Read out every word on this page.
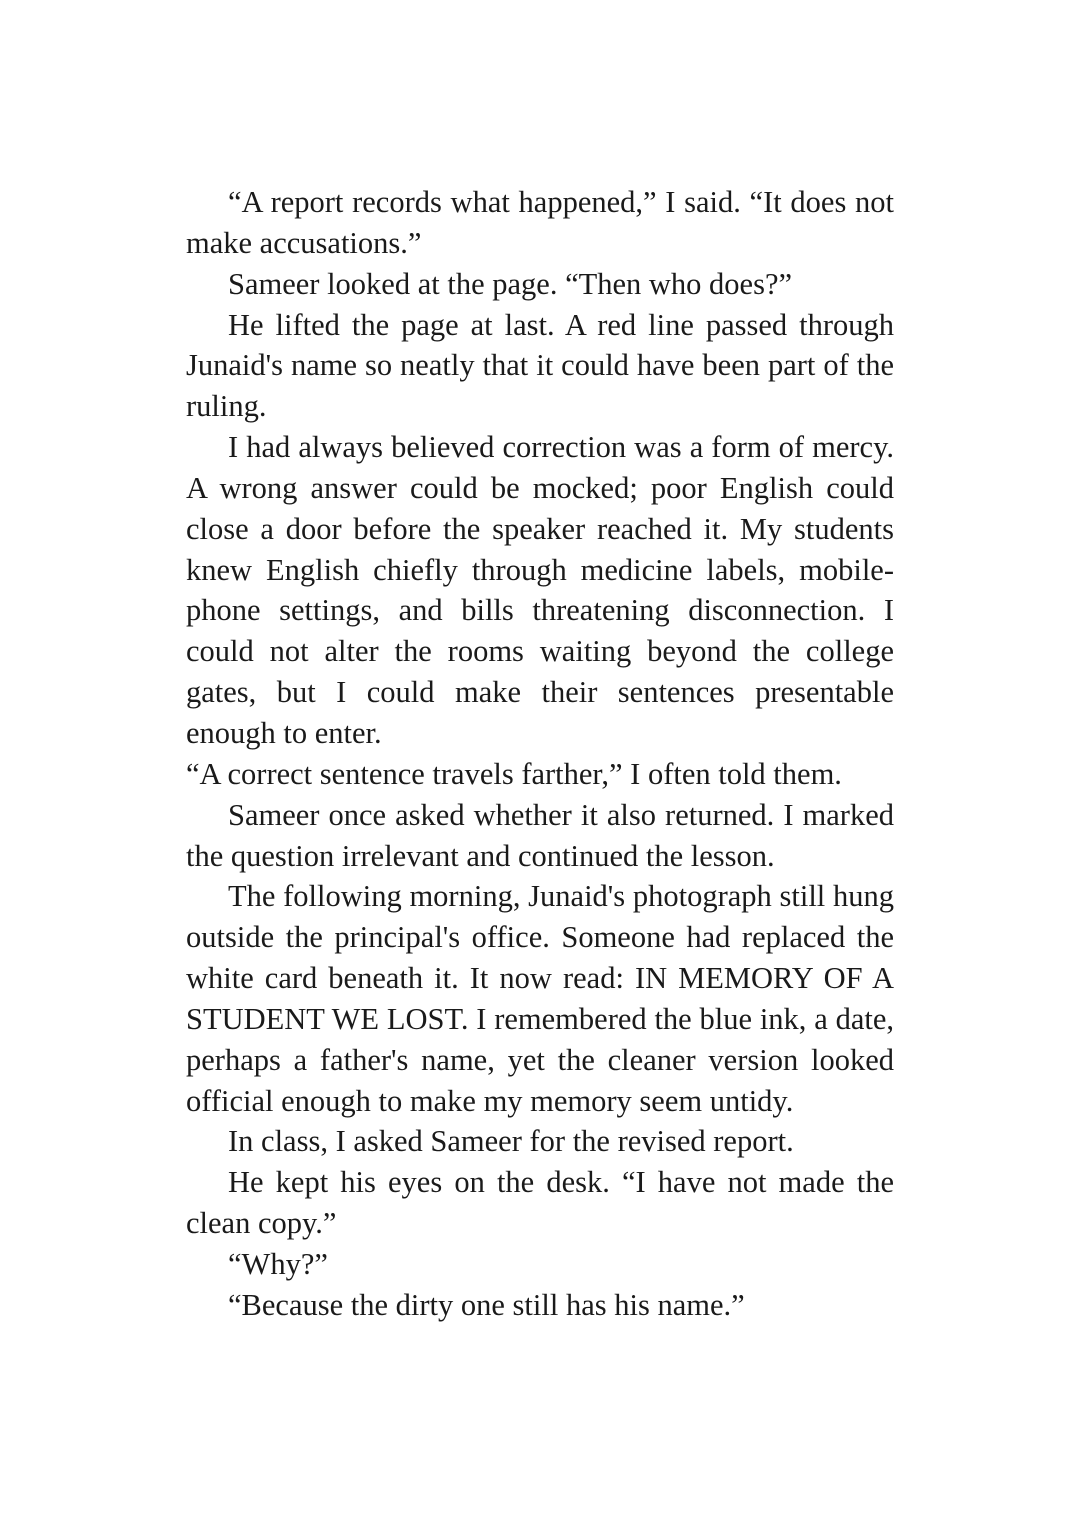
“A report records what happened,” I said. “It does not make accusations.”

Sameer looked at the page. “Then who does?”

He lifted the page at last. A red line passed through Junaid's name so neatly that it could have been part of the ruling.

I had always believed correction was a form of mercy. A wrong answer could be mocked; poor English could close a door before the speaker reached it. My students knew English chiefly through medicine labels, mobile-phone settings, and bills threatening disconnection. I could not alter the rooms waiting beyond the college gates, but I could make their sentences presentable enough to enter.

“A correct sentence travels farther,” I often told them.

Sameer once asked whether it also returned. I marked the question irrelevant and continued the lesson.

The following morning, Junaid's photograph still hung outside the principal's office. Someone had replaced the white card beneath it. It now read: IN MEMORY OF A STUDENT WE LOST. I remembered the blue ink, a date, perhaps a father's name, yet the cleaner version looked official enough to make my memory seem untidy.

In class, I asked Sameer for the revised report.

He kept his eyes on the desk. “I have not made the clean copy.”

“Why?”

“Because the dirty one still has his name.”
